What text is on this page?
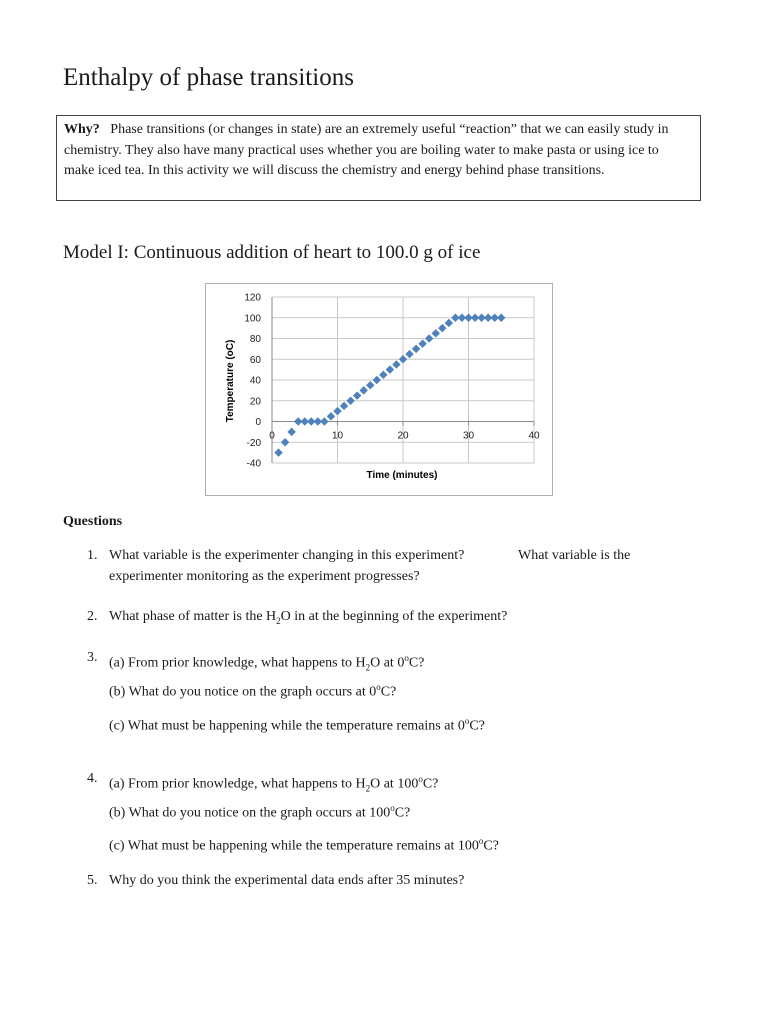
Enthalpy of phase transitions
Why? Phase transitions (or changes in state) are an extremely useful “reaction” that we can easily study in chemistry. They also have many practical uses whether you are boiling water to make pasta or using ice to make iced tea. In this activity we will discuss the chemistry and energy behind phase transitions.
Model I: Continuous addition of heart to 100.0 g of ice
-40
-20
0
20
40
60
80
100
120
0	10	20	30	40
Time (minutes)
Temperature (oC)
Questions
1. What variable is the experimenter changing in this experiment?	What variable is the
experimenter monitoring as the experiment progresses?
2. What phase of matter is the $H_2O$ in at the beginning of the experiment?
3. (a) From prior knowledge, what happens to $H_2O$ at 0$^o$C?
(b) What do you notice on the graph occurs at 0$^o$C?
(c) What must be happening while the temperature remains at 0$^o$C?
4. (a) From prior knowledge, what happens to $H_2O$ at 100$^o$C?
(b) What do you notice on the graph occurs at 100$^o$C?
(c) What must be happening while the temperature remains at 100$^o$C?
5. Why do you think the experimental data ends after 35 minutes?
